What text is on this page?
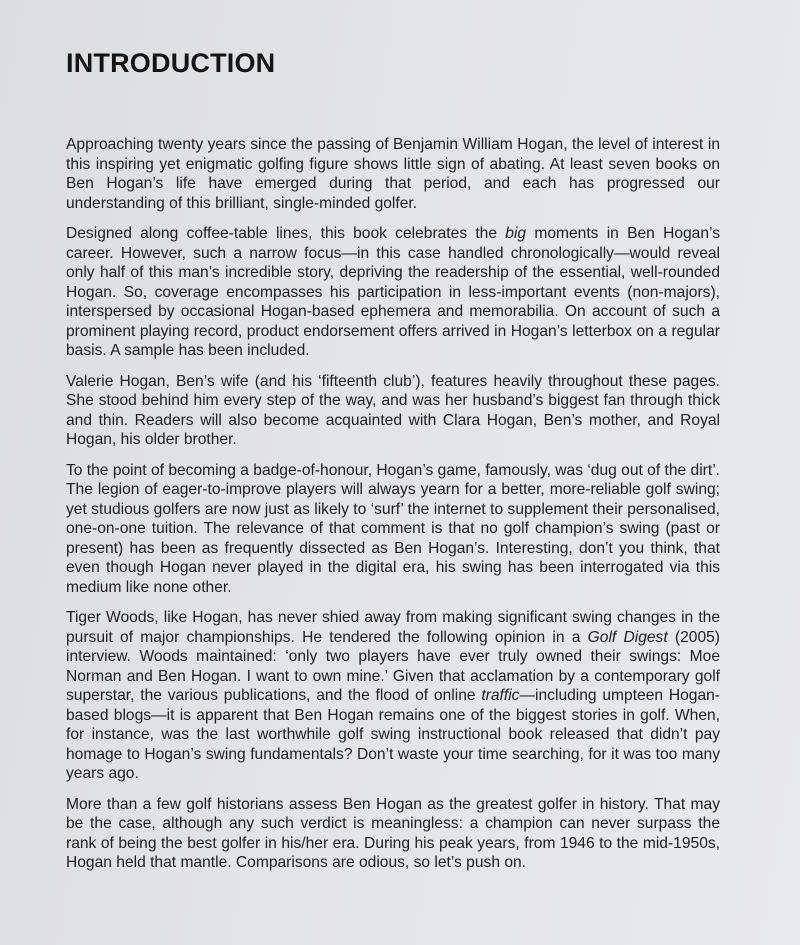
INTRODUCTION

Approaching twenty years since the passing of Benjamin William Hogan, the level of interest in this inspiring yet enigmatic golfing figure shows little sign of abating. At least seven books on Ben Hogan’s life have emerged during that period, and each has progressed our understanding of this brilliant, single-minded golfer.

Designed along coffee-table lines, this book celebrates the big moments in Ben Hogan’s career. However, such a narrow focus—in this case handled chronologically—would reveal only half of this man’s incredible story, depriving the readership of the essential, well-rounded Hogan. So, coverage encompasses his participation in less-important events (non-majors), interspersed by occasional Hogan-based ephemera and memorabilia. On account of such a prominent playing record, product endorsement offers arrived in Hogan’s letterbox on a regular basis. A sample has been included.

Valerie Hogan, Ben’s wife (and his ‘fifteenth club’), features heavily throughout these pages. She stood behind him every step of the way, and was her husband’s biggest fan through thick and thin. Readers will also become acquainted with Clara Hogan, Ben’s mother, and Royal Hogan, his older brother.

To the point of becoming a badge-of-honour, Hogan’s game, famously, was ‘dug out of the dirt’. The legion of eager-to-improve players will always yearn for a better, more-reliable golf swing; yet studious golfers are now just as likely to ‘surf’ the internet to supplement their personalised, one-on-one tuition. The relevance of that comment is that no golf champion’s swing (past or present) has been as frequently dissected as Ben Hogan’s. Interesting, don’t you think, that even though Hogan never played in the digital era, his swing has been interrogated via this medium like none other.

Tiger Woods, like Hogan, has never shied away from making significant swing changes in the pursuit of major championships. He tendered the following opinion in a Golf Digest (2005) interview. Woods maintained: ‘only two players have ever truly owned their swings: Moe Norman and Ben Hogan. I want to own mine.’ Given that acclamation by a contemporary golf superstar, the various publications, and the flood of online traffic—including umpteen Hogan-based blogs—it is apparent that Ben Hogan remains one of the biggest stories in golf. When, for instance, was the last worthwhile golf swing instructional book released that didn’t pay homage to Hogan’s swing fundamentals? Don’t waste your time searching, for it was too many years ago.

More than a few golf historians assess Ben Hogan as the greatest golfer in history. That may be the case, although any such verdict is meaningless: a champion can never surpass the rank of being the best golfer in his/her era. During his peak years, from 1946 to the mid-1950s, Hogan held that mantle. Comparisons are odious, so let’s push on.
